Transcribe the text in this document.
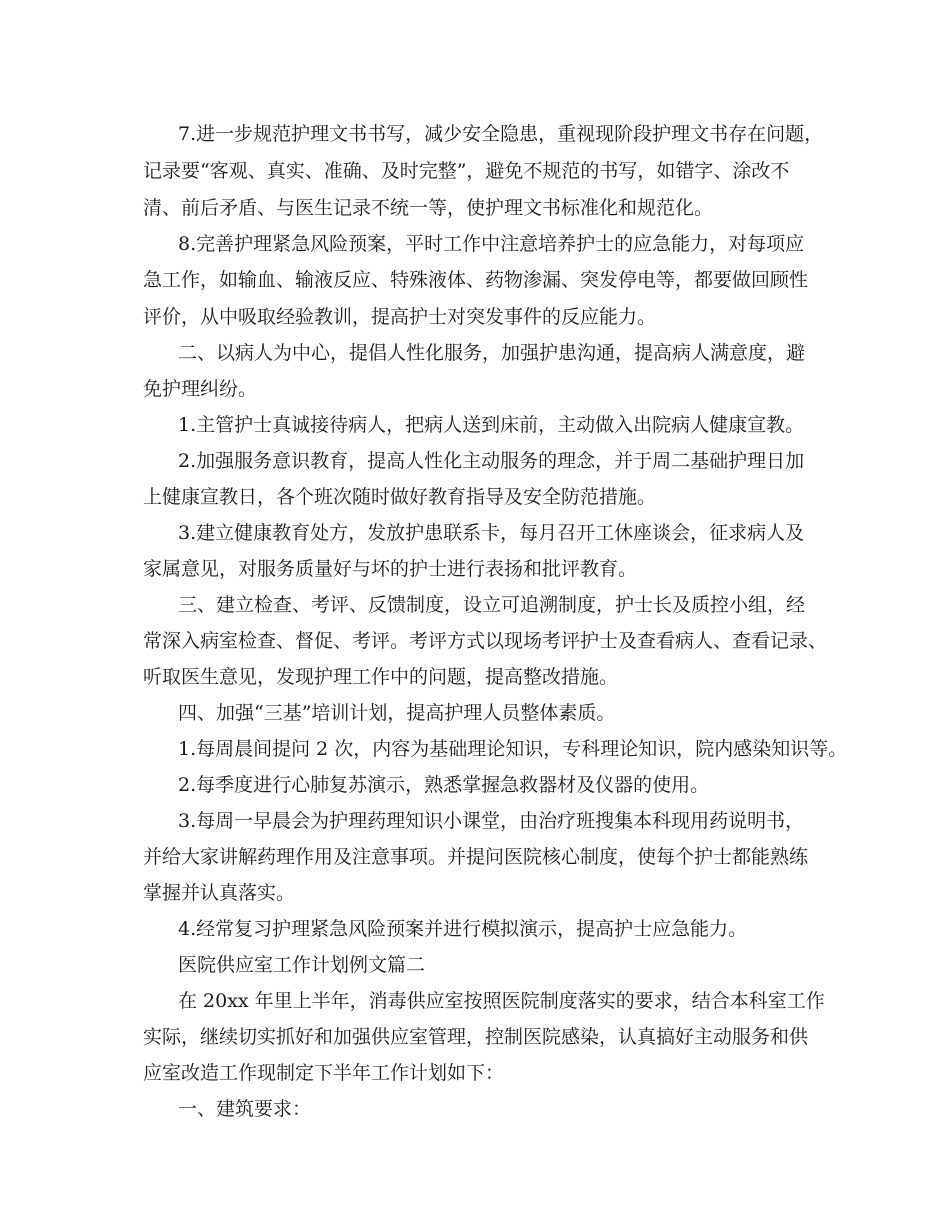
7.进一步规范护理文书书写，减少安全隐患，重视现阶段护理文书存在问题，
记录要“客观、真实、准确、及时完整”，避免不规范的书写，如错字、涂改不
清、前后矛盾、与医生记录不统一等，使护理文书标准化和规范化。
8.完善护理紧急风险预案，平时工作中注意培养护士的应急能力，对每项应
急工作，如输血、输液反应、特殊液体、药物渗漏、突发停电等，都要做回顾性
评价，从中吸取经验教训，提高护士对突发事件的反应能力。
二、以病人为中心，提倡人性化服务，加强护患沟通，提高病人满意度，避
免护理纠纷。
1.主管护士真诚接待病人，把病人送到床前，主动做入出院病人健康宣教。
2.加强服务意识教育，提高人性化主动服务的理念，并于周二基础护理日加
上健康宣教日，各个班次随时做好教育指导及安全防范措施。
3.建立健康教育处方，发放护患联系卡，每月召开工休座谈会，征求病人及
家属意见，对服务质量好与坏的护士进行表扬和批评教育。
三、建立检查、考评、反馈制度，设立可追溯制度，护士长及质控小组，经
常深入病室检查、督促、考评。考评方式以现场考评护士及查看病人、查看记录、
听取医生意见，发现护理工作中的问题，提高整改措施。
四、加强“三基”培训计划，提高护理人员整体素质。
1.每周晨间提问 2 次，内容为基础理论知识，专科理论知识，院内感染知识等。
2.每季度进行心肺复苏演示，熟悉掌握急救器材及仪器的使用。
3.每周一早晨会为护理药理知识小课堂，由治疗班搜集本科现用药说明书，
并给大家讲解药理作用及注意事项。并提问医院核心制度，使每个护士都能熟练
掌握并认真落实。
4.经常复习护理紧急风险预案并进行模拟演示，提高护士应急能力。
医院供应室工作计划例文篇二
在 20xx 年里上半年，消毒供应室按照医院制度落实的要求，结合本科室工作
实际，继续切实抓好和加强供应室管理，控制医院感染，认真搞好主动服务和供
应室改造工作现制定下半年工作计划如下：
一、建筑要求：
